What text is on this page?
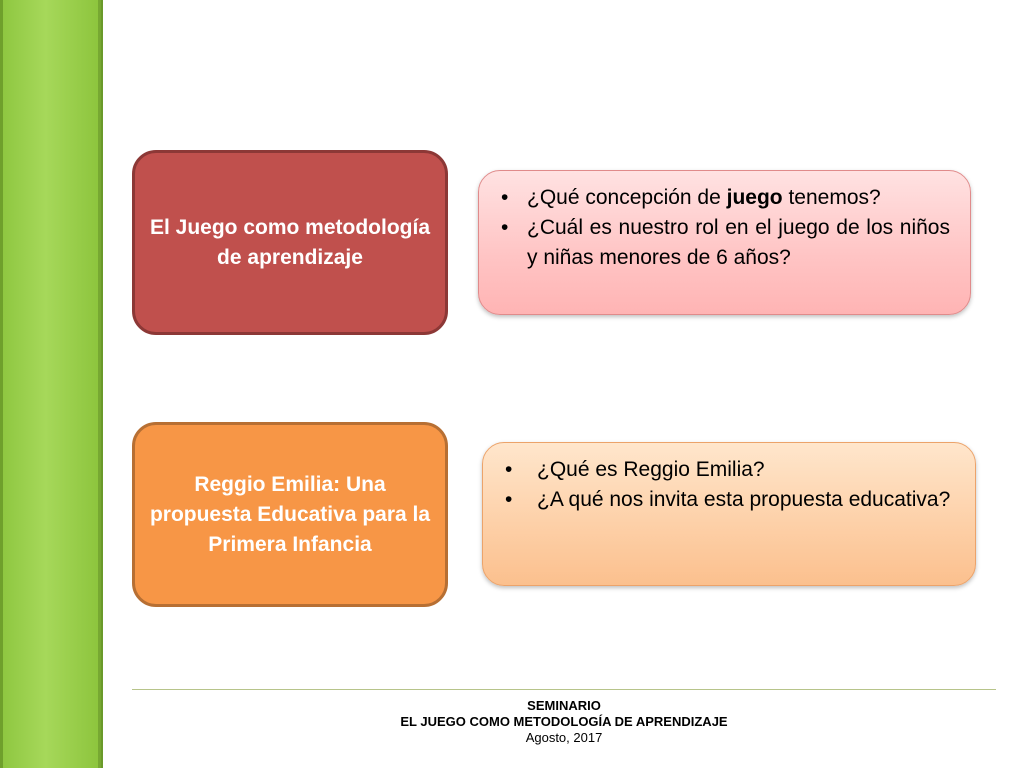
El Juego como metodología de aprendizaje
• ¿Qué concepción de juego tenemos?
• ¿Cuál es nuestro rol en el juego de los niños y niñas menores de 6 años?
Reggio Emilia: Una propuesta Educativa para la Primera Infancia
• ¿Qué es Reggio Emilia?
• ¿A qué nos invita esta propuesta educativa?
SEMINARIO
EL JUEGO COMO METODOLOGÍA DE APRENDIZAJE
Agosto, 2017
